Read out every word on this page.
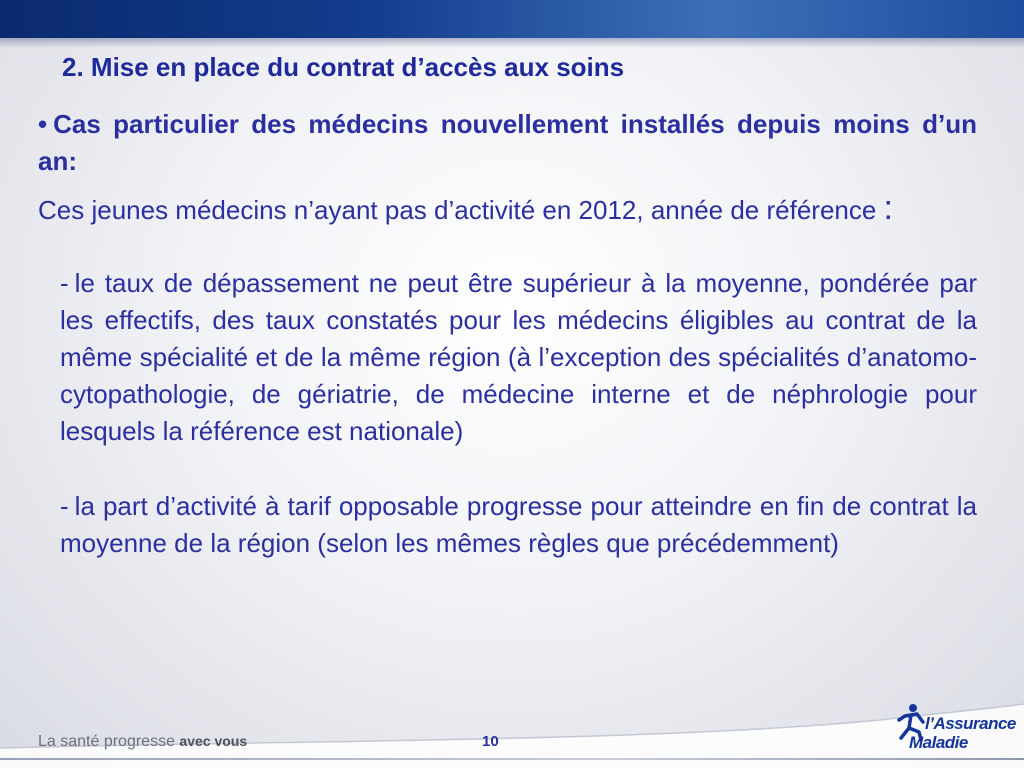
2. Mise en place du contrat d’accès aux soins

• Cas particulier des médecins nouvellement installés depuis moins d’un an:

Ces jeunes médecins n’ayant pas d’activité en 2012, année de référence :

- le taux de dépassement ne peut être supérieur à la moyenne, pondérée par les effectifs, des taux constatés pour les médecins éligibles au contrat de la même spécialité et de la même région (à l’exception des spécialités d’anatomo-cytopathologie, de gériatrie, de médecine interne et de néphrologie pour lesquels la référence est nationale)

- la part d’activité à tarif opposable progresse pour atteindre en fin de contrat la moyenne de la région (selon les mêmes règles que précédemment)

La santé progresse avec vous	10
l’Assurance
Maladie
